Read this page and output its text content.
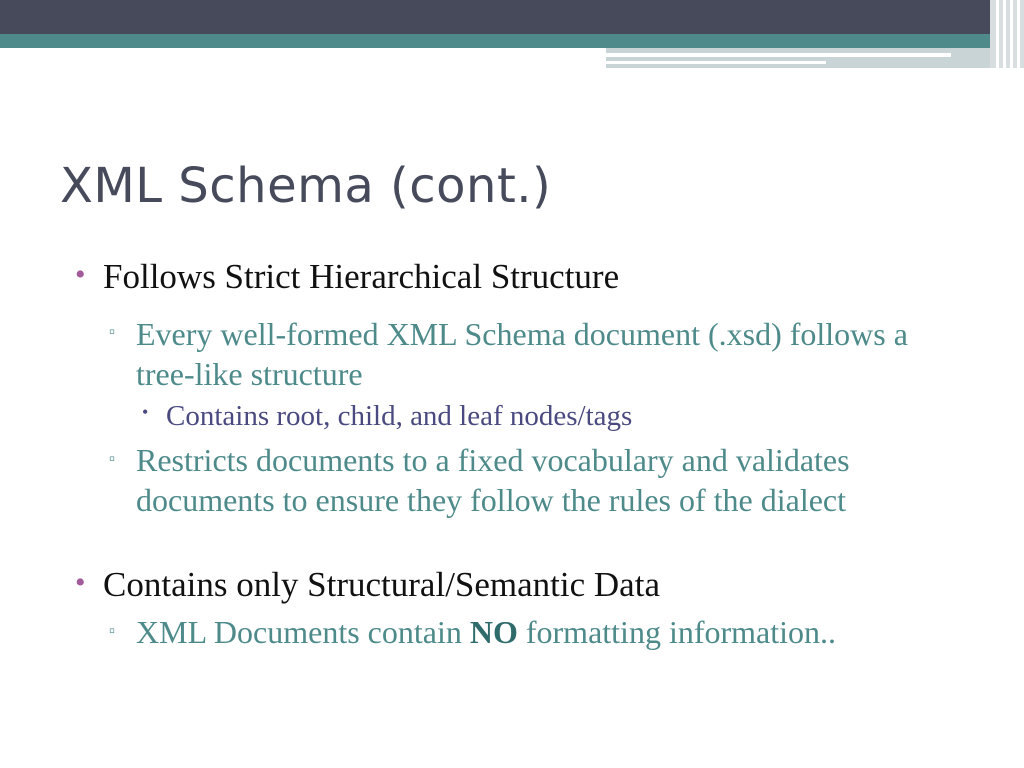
XML Schema (cont.)
• Follows Strict Hierarchical Structure
▫ Every well-formed XML Schema document (.xsd) follows a tree-like structure
• Contains root, child, and leaf nodes/tags
▫ Restricts documents to a fixed vocabulary and validates documents to ensure they follow the rules of the dialect
• Contains only Structural/Semantic Data
▫ XML Documents contain NO formatting information..
